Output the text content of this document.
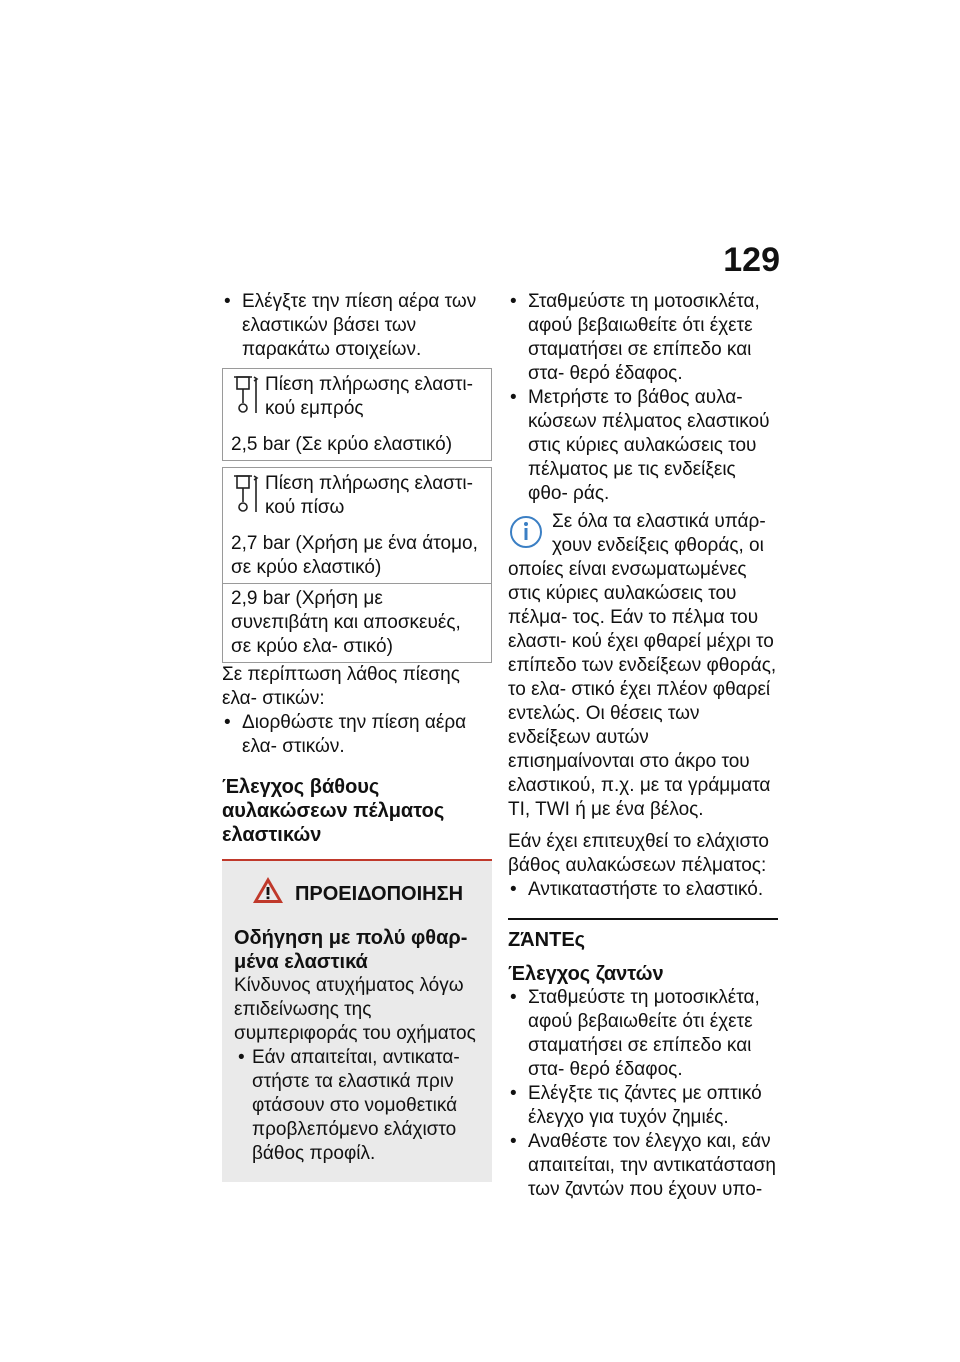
129
• Ελέγξτε την πίεση αέρα των ελαστικών βάσει των παρακάτω στοιχείων.
Πίεση πλήρωσης ελαστι- κού εμπρός
2,5 bar (Σε κρύο ελαστικό)
Πίεση πλήρωσης ελαστι- κού πίσω
2,7 bar (Χρήση με ένα άτομο, σε κρύο ελαστικό)
2,9 bar (Χρήση με συνεπιβάτη και αποσκευές, σε κρύο ελα- στικό)

Σε περίπτωση λάθος πίεσης ελα- στικών:

• Διορθώστε την πίεση αέρα ελα- στικών.

Έλεγχος βάθους αυλακώσεων πέλματος ελαστικών

ΠΡΟΕΙΔΟΠΟΙΗΣΗ

Οδήγηση με πολύ φθαρ- μένα ελαστικά

Κίνδυνος ατυχήματος λόγω επιδείνωσης της συμπεριφοράς του οχήματος

• Εάν απαιτείται, αντικατα- στήστε τα ελαστικά πριν φτάσουν στο νομοθετικά προβλεπόμενο ελάχιστο βάθος προφίλ.
• Σταθμεύστε τη μοτοσικλέτα, αφού βεβαιωθείτε ότι έχετε σταματήσει σε επίπεδο και στα- θερό έδαφος.
• Μετρήστε το βάθος αυλα- κώσεων πέλματος ελαστικού στις κύριες αυλακώσεις του πέλματος με τις ενδείξεις φθο- ράς.
Σε όλα τα ελαστικά υπάρ- χουν ενδείξεις φθοράς, οι

οποίες είναι ενσωματωμένες στις κύριες αυλακώσεις του πέλμα- τος. Εάν το πέλμα του ελαστι- κού έχει φθαρεί μέχρι το επίπεδο των ενδείξεων φθοράς, το ελα- στικό έχει πλέον φθαρεί εντελώς. Οι θέσεις των ενδείξεων αυτών επισημαίνονται στο άκρο του ελαστικού, π.χ. με τα γράμματα TI, TWI ή με ένα βέλος.

Εάν έχει επιτευχθεί το ελάχιστο βάθος αυλακώσεων πέλματος:

• Αντικαταστήστε το ελαστικό.

ΖΆΝΤΕς

Έλεγχος ζαντών

• Σταθμεύστε τη μοτοσικλέτα, αφού βεβαιωθείτε ότι έχετε σταματήσει σε επίπεδο και στα- θερό έδαφος.
• Ελέγξτε τις ζάντες με οπτικό έλεγχο για τυχόν ζημιές.
• Αναθέστε τον έλεγχο και, εάν απαιτείται, την αντικατάσταση των ζαντών που έχουν υπο-
